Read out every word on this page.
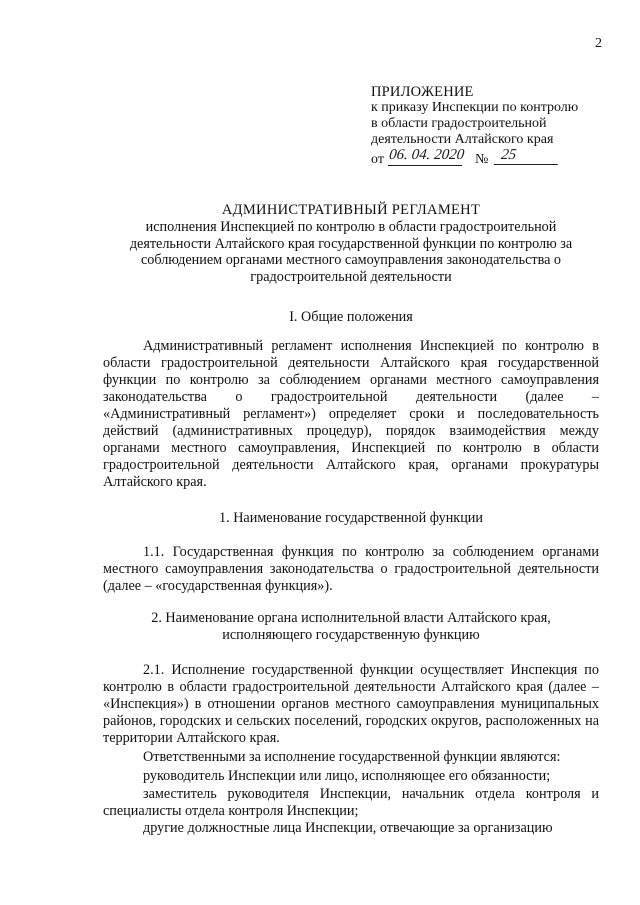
2
ПРИЛОЖЕНИЕ
к приказу Инспекции по контролю
в области градостроительной
деятельности Алтайского края
от 06. 04. 2020 № 25
АДМИНИСТРАТИВНЫЙ РЕГЛАМЕНТ
исполнения Инспекцией по контролю в области градостроительной деятельности Алтайского края государственной функции по контролю за соблюдением органами местного самоуправления законодательства о градостроительной деятельности
I. Общие положения
Административный регламент исполнения Инспекцией по контролю в области градостроительной деятельности Алтайского края государственной функции по контролю за соблюдением органами местного самоуправления законодательства о градостроительной деятельности (далее – «Административный регламент») определяет сроки и последовательность действий (административных процедур), порядок взаимодействия между органами местного самоуправления, Инспекцией по контролю в области градостроительной деятельности Алтайского края, органами прокуратуры Алтайского края.
1. Наименование государственной функции
1.1. Государственная функция по контролю за соблюдением органами местного самоуправления законодательства о градостроительной деятельности (далее – «государственная функция»).
2. Наименование органа исполнительной власти Алтайского края,
исполняющего государственную функцию
2.1. Исполнение государственной функции осуществляет Инспекция по контролю в области градостроительной деятельности Алтайского края (далее – «Инспекция») в отношении органов местного самоуправления муниципальных районов, городских и сельских поселений, городских округов, расположенных на территории Алтайского края.
Ответственными за исполнение государственной функции являются:
руководитель Инспекции или лицо, исполняющее его обязанности;
заместитель руководителя Инспекции, начальник отдела контроля и специалисты отдела контроля Инспекции;
другие должностные лица Инспекции, отвечающие за организацию
